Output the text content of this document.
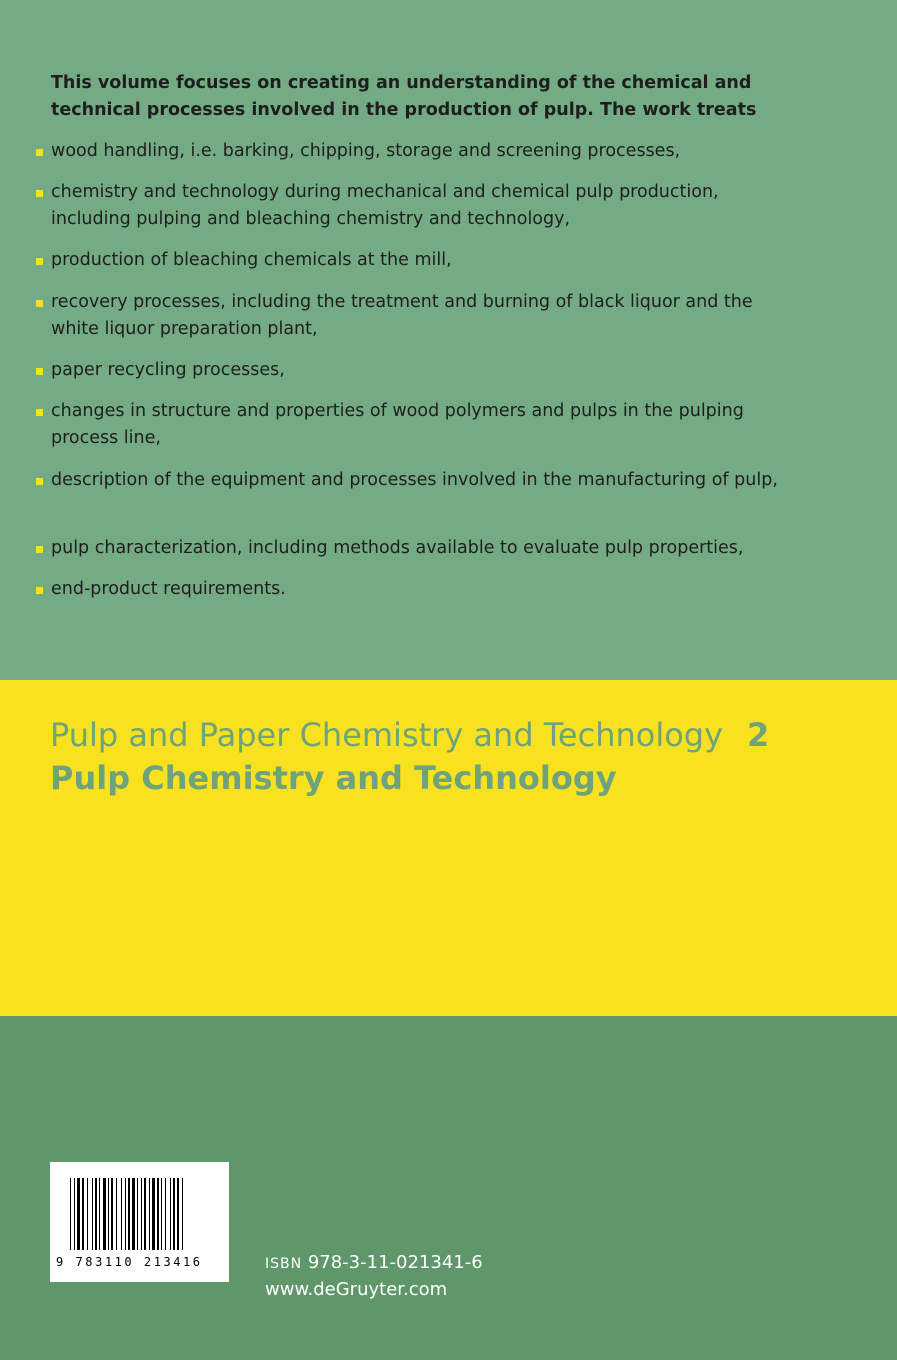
This volume focuses on creating an understanding of the chemical and technical processes involved in the production of pulp. The work treats

wood handling, i.e. barking, chipping, storage and screening processes,
chemistry and technology during mechanical and chemical pulp production, including pulping and bleaching chemistry and technology,
production of bleaching chemicals at the mill,
recovery processes, including the treatment and burning of black liquor and the white liquor preparation plant,
paper recycling processes,
changes in structure and properties of wood polymers and pulps in the pulping process line,
description of the equipment and processes involved in the manufacturing of pulp,
pulp characterization, including methods available to evaluate pulp properties,
end-product requirements.
Pulp and Paper Chemistry and Technology 2
Pulp Chemistry and Technology
9 783110 213416	ISBN 978-3-11-021341-6
www.deGruyter.com
